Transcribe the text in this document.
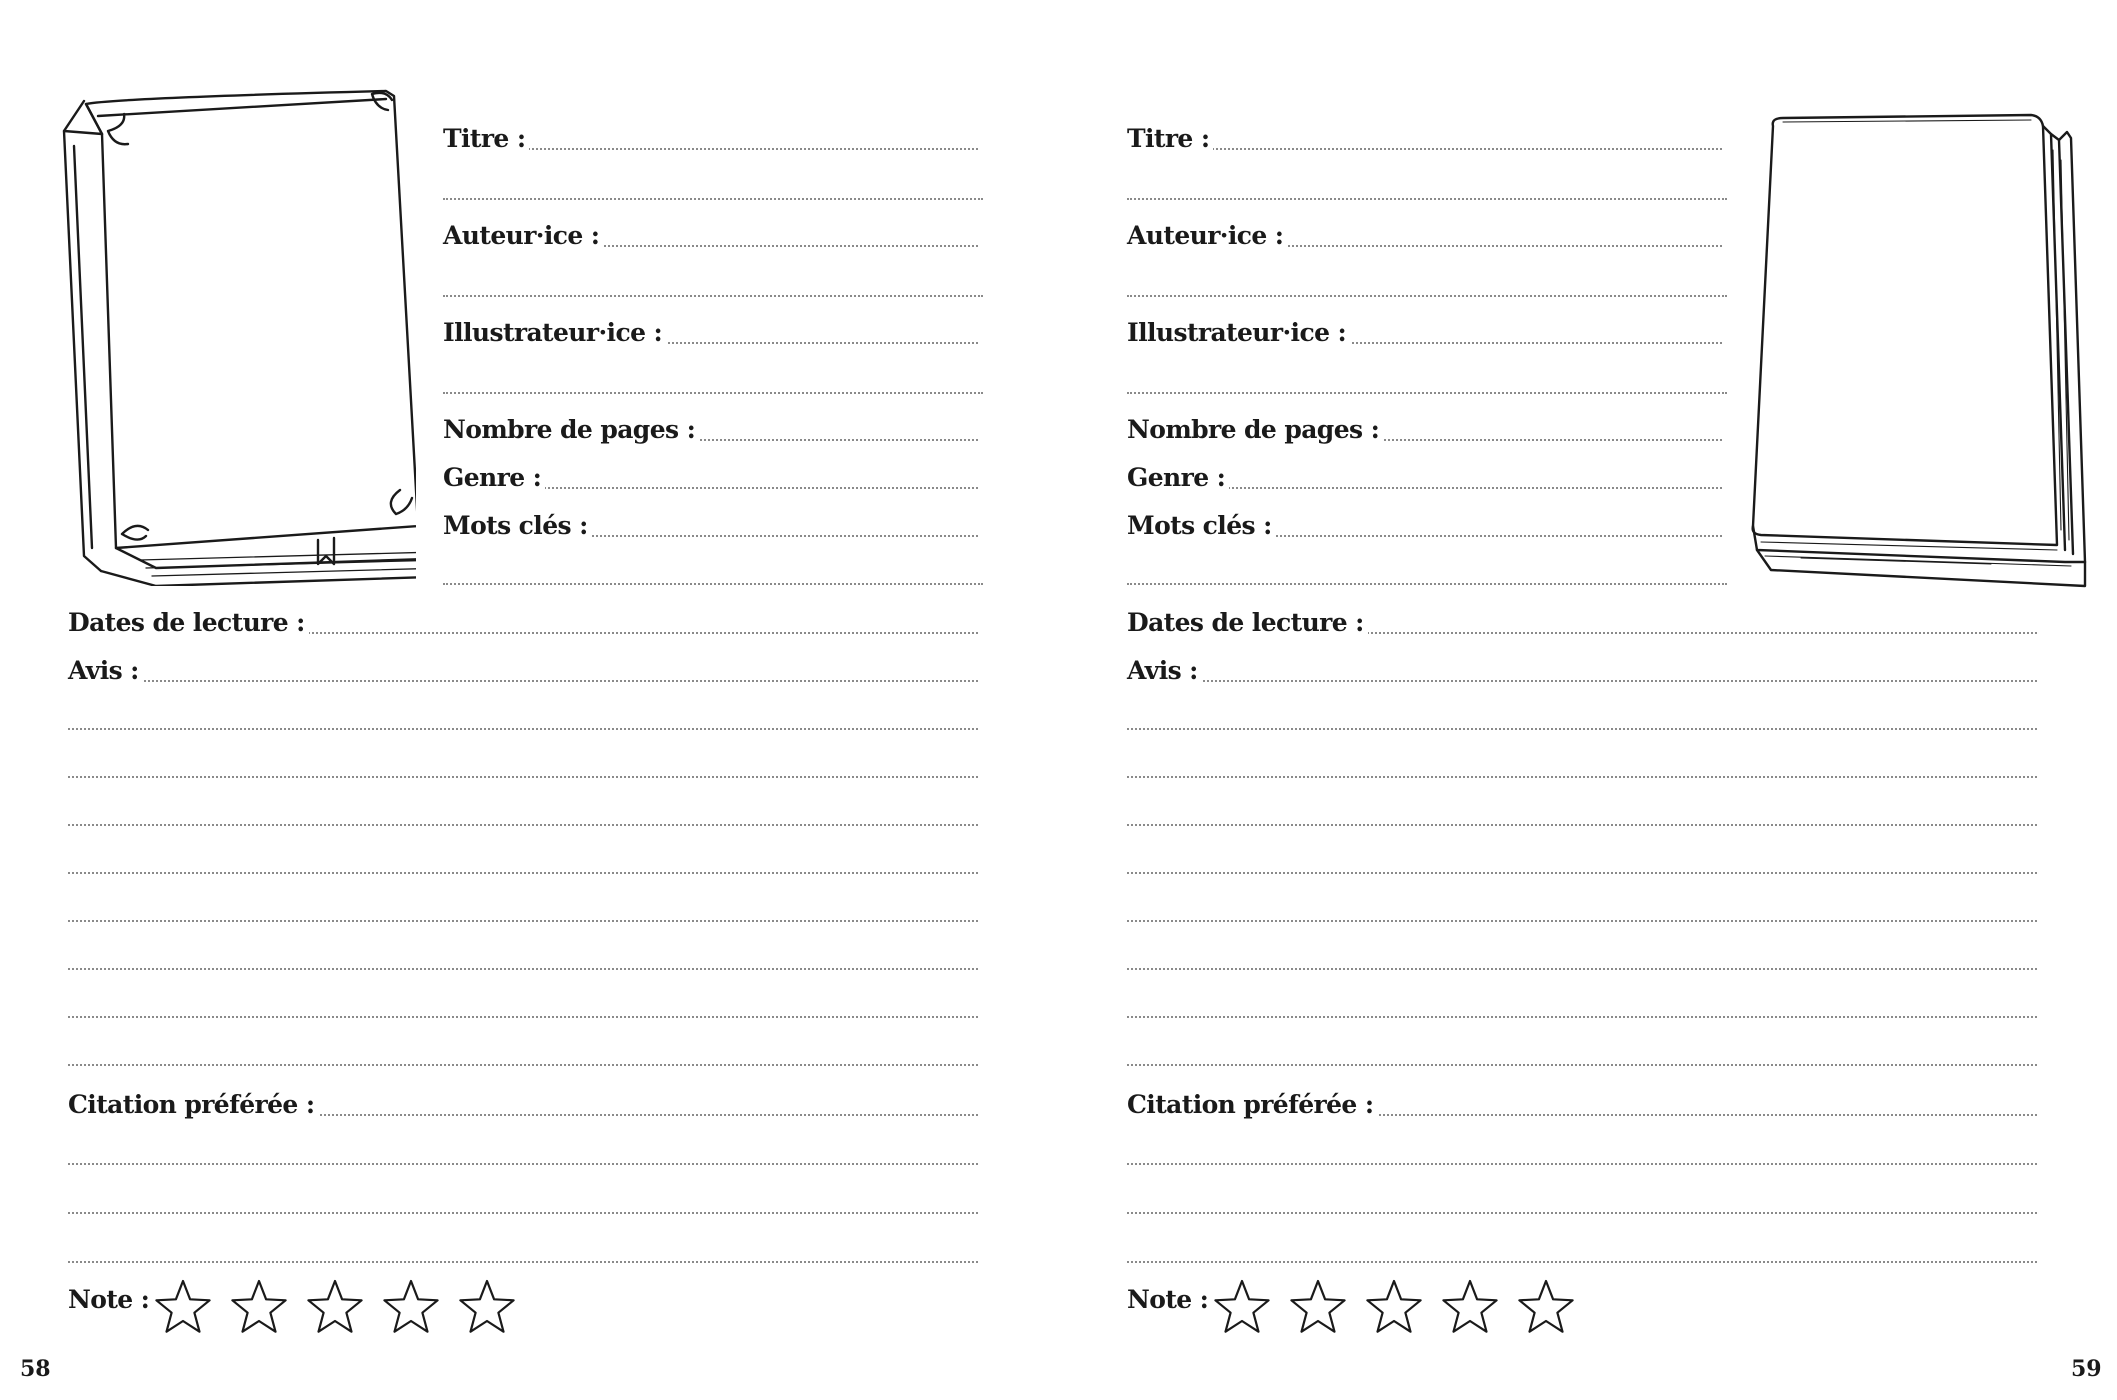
Titre :
Auteur·ice :
Illustrateur·ice :
Nombre de pages :
Genre :
Mots clés :
Dates de lecture :
Avis :
Citation préférée :
Note :
58
Titre :
Auteur·ice :
Illustrateur·ice :
Nombre de pages :
Genre :
Mots clés :
Dates de lecture :
Avis :
Citation préférée :
Note :
59
